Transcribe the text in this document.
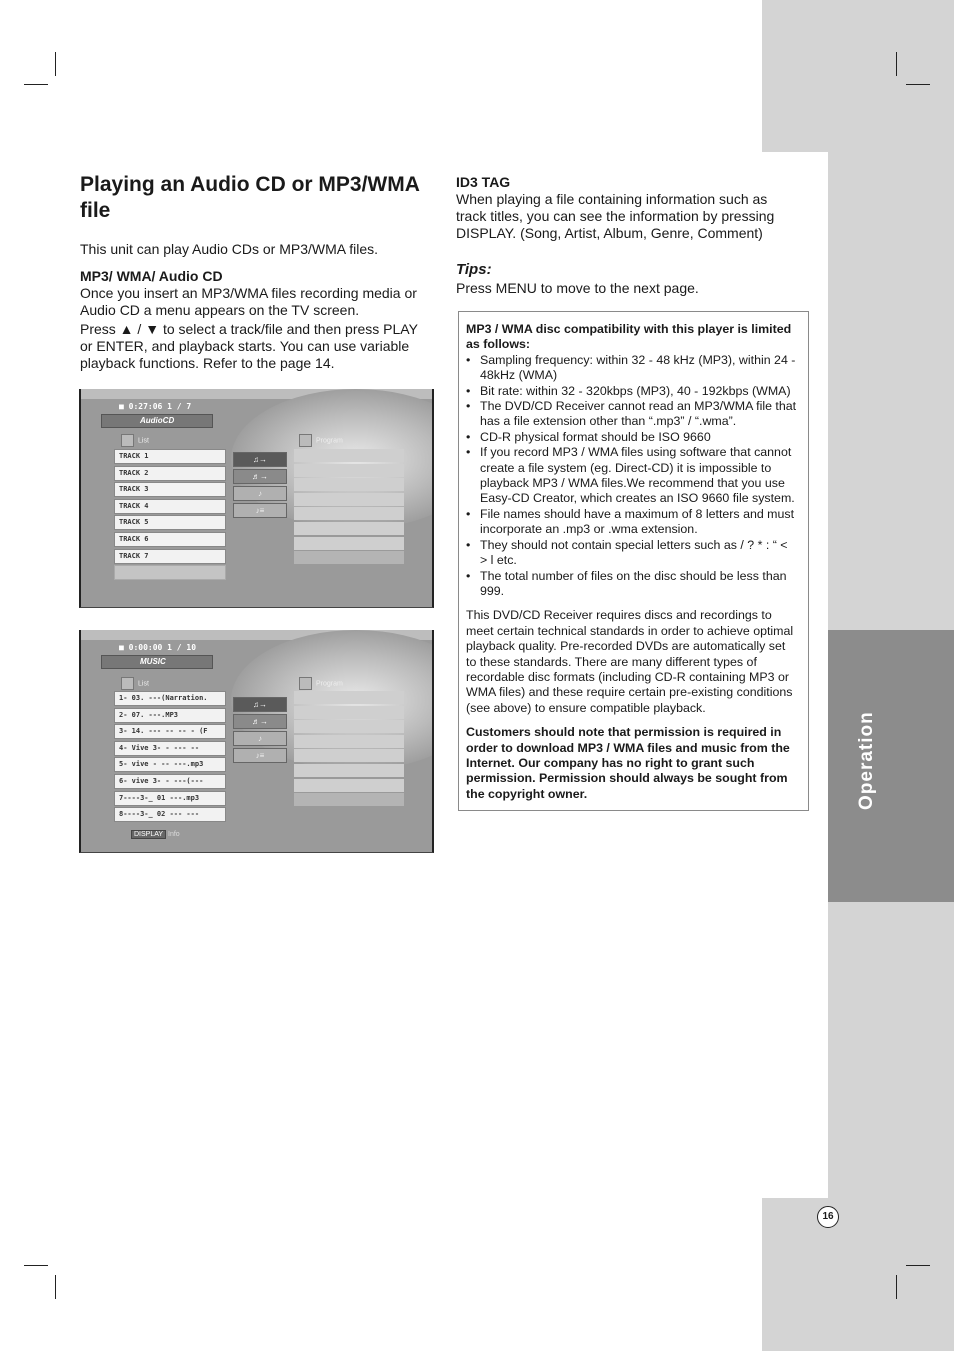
Operation
16
Playing an Audio CD or MP3/WMA file
This unit can play Audio CDs or MP3/WMA files.
MP3/ WMA/ Audio CD
Once you insert an MP3/WMA files recording media or Audio CD a menu appears on the TV screen.
Press ▲ / ▼ to select a track/file and then press PLAY or ENTER, and playback starts. You can use variable playback functions. Refer to the page 14.
■ 0:27:06 1 / 7
AudioCD
List	Program
TRACK 1
TRACK 2
TRACK 3
TRACK 4
TRACK 5
TRACK 6
TRACK 7
♫→
♬→
♪
♪≡
■ 0:00:00 1 / 10
MUSIC
List	Program
1- 03. ---(Narration.
2- 07. ---.MP3
3- 14. --- -- -- - (F
4- Vive 3- - --- --
5- vive - -- ---.mp3
6- vive 3- - ---(---
7----3-_ 01 ---.mp3
8----3-_ 02 --- ---
♫→
♬→
♪
♪≡
DISPLAY Info
ID3 TAG
When playing a file containing information such as track titles, you can see the information by pressing DISPLAY. (Song, Artist, Album, Genre, Comment)
Tips:
Press MENU to move to the next page.
MP3 / WMA disc compatibility with this player is limited as follows:
• Sampling frequency: within 32 - 48 kHz (MP3), within 24 - 48kHz (WMA)
• Bit rate: within 32 - 320kbps (MP3), 40 - 192kbps (WMA)
• The DVD/CD Receiver cannot read an MP3/WMA file that has a file extension other than “.mp3” / “.wma”.
• CD-R physical format should be ISO 9660
• If you record MP3 / WMA files using software that cannot create a file system (eg. Direct-CD) it is impossible to playback MP3 / WMA files.We recommend that you use Easy-CD Creator, which creates an ISO 9660 file system.
• File names should have a maximum of 8 letters and must incorporate an .mp3 or .wma extension.
• They should not contain special letters such as / ? * : “ < > l etc.
• The total number of files on the disc should be less than 999.

This DVD/CD Receiver requires discs and recordings to meet certain technical standards in order to achieve optimal playback quality. Pre-recorded DVDs are automatically set to these standards. There are many different types of recordable disc formats (including CD-R containing MP3 or WMA files) and these require certain pre-existing conditions (see above) to ensure compatible playback.

Customers should note that permission is required in order to download MP3 / WMA files and music from the Internet. Our company has no right to grant such permission. Permission should always be sought from the copyright owner.
